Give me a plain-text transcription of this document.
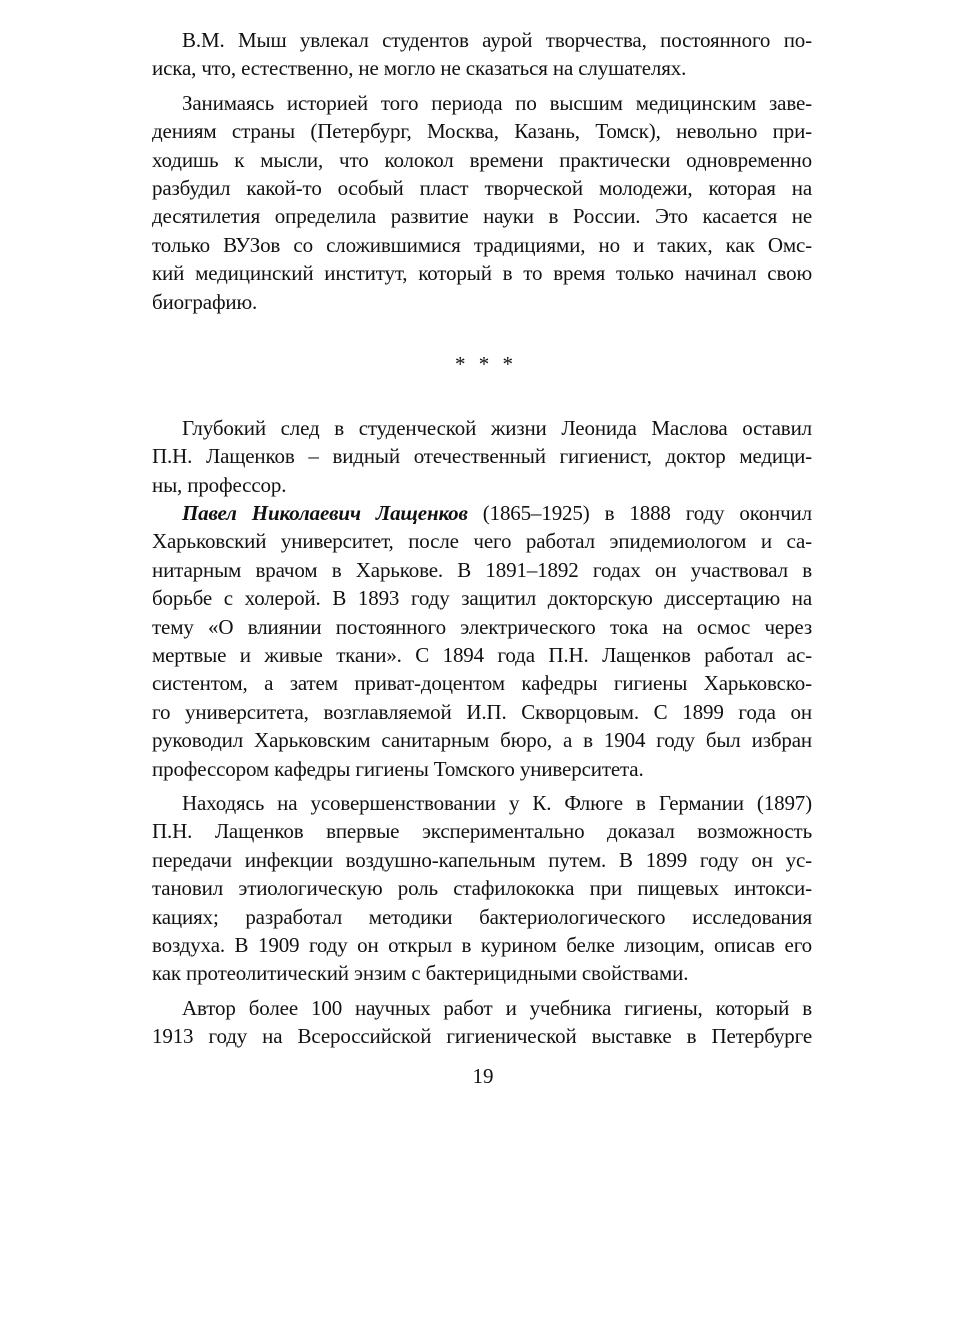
В.М. Мыш увлекал студентов аурой творчества, постоянного по-
иска, что, естественно, не могло не сказаться на слушателях.
Занимаясь историей того периода по высшим медицинским заве-
дениям страны (Петербург, Москва, Казань, Томск), невольно при-
ходишь к мысли, что колокол времени практически одновременно
разбудил какой-то особый пласт творческой молодежи, которая на
десятилетия определила развитие науки в России. Это касается не
только ВУЗов со сложившимися традициями, но и таких, как Омс-
кий медицинский институт, который в то время только начинал свою
биографию.
* * *
Глубокий след в студенческой жизни Леонида Маслова оставил
П.Н. Лащенков – видный отечественный гигиенист, доктор медици-
ны, профессор.
Павел Николаевич Лащенков (1865–1925) в 1888 году окончил
Харьковский университет, после чего работал эпидемиологом и са-
нитарным врачом в Харькове. В 1891–1892 годах он участвовал в
борьбе с холерой. В 1893 году защитил докторскую диссертацию на
тему «О влиянии постоянного электрического тока на осмос через
мертвые и живые ткани». С 1894 года П.Н. Лащенков работал ас-
систентом, а затем приват-доцентом кафедры гигиены Харьковско-
го университета, возглавляемой И.П. Скворцовым. С 1899 года он
руководил Харьковским санитарным бюро, а в 1904 году был избран
профессором кафедры гигиены Томского университета.
Находясь на усовершенствовании у К. Флюге в Германии (1897)
П.Н. Лащенков впервые экспериментально доказал возможность
передачи инфекции воздушно-капельным путем. В 1899 году он ус-
тановил этиологическую роль стафилококка при пищевых интокси-
кациях; разработал методики бактериологического исследования
воздуха. В 1909 году он открыл в курином белке лизоцим, описав его
как протеолитический энзим с бактерицидными свойствами.
Автор более 100 научных работ и учебника гигиены, который в
1913 году на Всероссийской гигиенической выставке в Петербурге
19
